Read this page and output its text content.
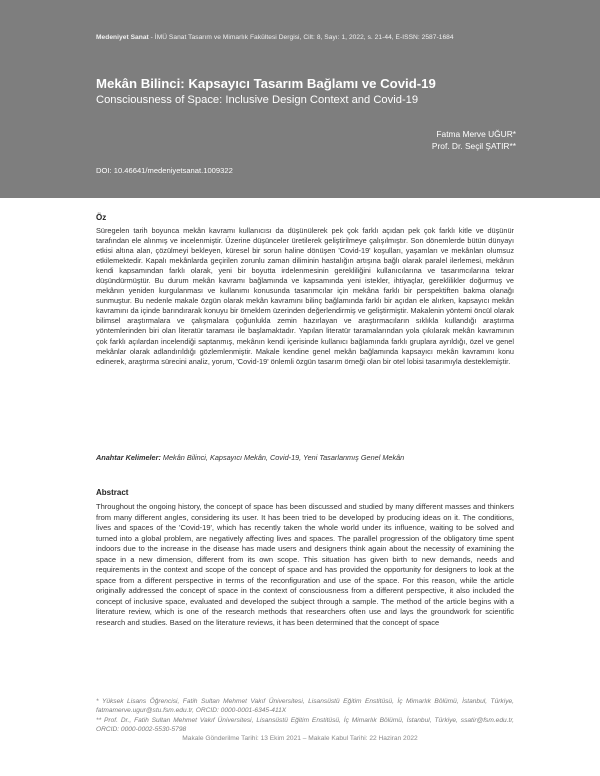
Medeniyet Sanat - İMÜ Sanat Tasarım ve Mimarlık Fakültesi Dergisi, Cilt: 8, Sayı: 1, 2022, s. 21-44, E-ISSN: 2587-1684
Mekân Bilinci: Kapsayıcı Tasarım Bağlamı ve Covid-19
Consciousness of Space: Inclusive Design Context and Covid-19
Fatma Merve UĞUR*
Prof. Dr. Seçil ŞATIR**
DOI: 10.46641/medeniyetsanat.1009322
Öz

Süregelen tarih boyunca mekân kavramı kullanıcısı da düşünülerek pek çok farklı açıdan pek çok farklı kitle ve düşünür tarafından ele alınmış ve incelenmiştir. Üzerine düşünceler üretilerek geliştirilmeye çalışılmıştır. Son dönemlerde bütün dünyayı etkisi altına alan, çözülmeyi bekleyen, küresel bir sorun haline dönüşen 'Covid-19' koşulları, yaşamları ve mekânları olumsuz etkilemektedir. Kapalı mekânlarda geçirilen zorunlu zaman diliminin hastalığın artışına bağlı olarak paralel ilerlemesi, mekânın kendi kapsamından farklı olarak, yeni bir boyutta irdelenmesinin gerekliliğini kullanıcılarına ve tasarımcılarına tekrar düşündürmüştür. Bu durum mekân kavramı bağlamında ve kapsamında yeni istekler, ihtiyaçlar, gereklilikler doğurmuş ve mekânın yeniden kurgulanması ve kullanımı konusunda tasarımcılar için mekâna farklı bir perspektiften bakma olanağı sunmuştur. Bu nedenle makale özgün olarak mekân kavramını bilinç bağlamında farklı bir açıdan ele alırken, kapsayıcı mekân kavramını da içinde barındırarak konuyu bir örneklem üzerinden değerlendirmiş ve geliştirmiştir. Makalenin yöntemi öncül olarak bilimsel araştırmalara ve çalışmalara çoğunlukla zemin hazırlayan ve araştırmacıların sıklıkla kullandığı araştırma yöntemlerinden biri olan literatür taraması ile başlamaktadır. Yapılan literatür taramalarından yola çıkılarak mekân kavramının çok farklı açılardan incelendiği saptanmış, mekânın kendi içerisinde kullanıcı bağlamında farklı gruplara ayrıldığı, özel ve genel mekânlar olarak adlandırıldığı gözlemlenmiştir. Makale kendine genel mekân bağlamında kapsayıcı mekân kavramını konu edinerek, araştırma sürecini analiz, yorum, 'Covid-19' önlemli özgün tasarım örneği olan bir otel lobisi tasarımıyla desteklemiştir.

Anahtar Kelimeler: Mekân Bilinci, Kapsayıcı Mekân, Covid-19, Yeni Tasarlanmış Genel Mekân
Abstract

Throughout the ongoing history, the concept of space has been discussed and studied by many different masses and thinkers from many different angles, considering its user. It has been tried to be developed by producing ideas on it. The conditions, lives and spaces of the 'Covid-19', which has recently taken the whole world under its influence, waiting to be solved and turned into a global problem, are negatively affecting lives and spaces. The parallel progression of the obligatory time spent indoors due to the increase in the disease has made users and designers think again about the necessity of examining the space in a new dimension, different from its own scope. This situation has given birth to new demands, needs and requirements in the context and scope of the concept of space and has provided the opportunity for designers to look at the space from a different perspective in terms of the reconfiguration and use of the space. For this reason, while the article originally addressed the concept of space in the context of consciousness from a different perspective, it also included the concept of inclusive space, evaluated and developed the subject through a sample. The method of the article begins with a literature review, which is one of the research methods that researchers often use and lays the groundwork for scientific research and studies. Based on the literature reviews, it has been determined that the concept of space

* Yüksek Lisans Öğrencisi, Fatih Sultan Mehmet Vakıf Üniversitesi, Lisansüstü Eğitim Enstitüsü, İç Mimarlık Bölümü, İstanbul, Türkiye, fatmamerve.ugur@stu.fsm.edu.tr, ORCID: 0000-0001-6345-411X

** Prof. Dr., Fatih Sultan Mehmet Vakıf Üniversitesi, Lisansüstü Eğitim Enstitüsü, İç Mimarlık Bölümü, İstanbul, Türkiye, ssatir@fsm.edu.tr, ORCID: 0000-0002-5530-5798

Makale Gönderilme Tarihi: 13 Ekim 2021 – Makale Kabul Tarihi: 22 Haziran 2022
